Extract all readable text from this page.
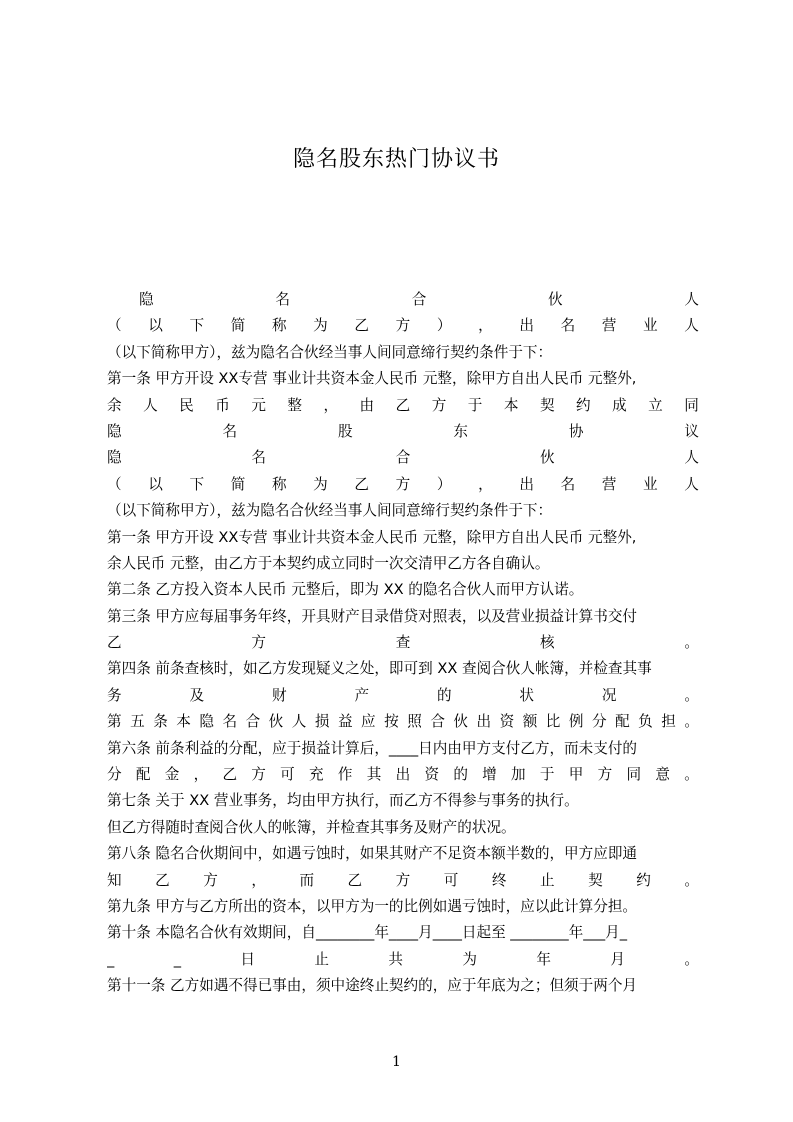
隐名股东热门协议书
隐	名	合	伙	人
（ 以 下 简 称 为 乙 方 ） ， 出 名 营 业 人
（以下简称甲方），兹为隐名合伙经当事人间同意缔行契约条件于下：
第一条 甲方开设 XX专营 事业计共资本金人民币 元整，除甲方自出人民币 元整外,
余 人 民 币 元 整 ， 由 乙 方 于 本 契 约 成 立 同
隐	名	股	东	协	议
隐	名	合	伙	人
（ 以 下 简 称 为 乙 方 ） ， 出 名 营 业 人
（以下简称甲方），兹为隐名合伙经当事人间同意缔行契约条件于下：
第一条 甲方开设 XX专营 事业计共资本金人民币 元整，除甲方自出人民币 元整外,
余人民币 元整，由乙方于本契约成立同时一次交清甲乙方各自确认。
第二条 乙方投入资本人民币 元整后，即为 XX 的隐名合伙人而甲方认诺。
第三条 甲方应每届事务年终，开具财产目录借贷对照表，以及营业损益计算书交付
乙	方	查	核	。
第四条 前条查核时，如乙方发现疑义之处，即可到 XX 查阅合伙人帐簿，并检查其事
务	及	财	产	的	状	况	。
第 五 条 本 隐 名 合 伙 人 损 益 应 按 照 合 伙 出 资 额 比 例 分 配 负 担 。
第六条 前条利益的分配，应于损益计算后，____日内由甲方支付乙方，而未支付的
分 配 金 ， 乙 方 可 充 作 其 出 资 的 增 加 于 甲 方 同 意 。
第七条 关于 XX 营业事务，均由甲方执行，而乙方不得参与事务的执行。
但乙方得随时查阅合伙人的帐簿，并检查其事务及财产的状况。
第八条 隐名合伙期间中，如遇亏蚀时，如果其财产不足资本额半数的，甲方应即通
知 乙 方 ， 而 乙 方 可 终 止 契 约 。
第九条 甲方与乙方所出的资本，以甲方为一的比例如遇亏蚀时，应以此计算分担。
第十条 本隐名合伙有效期间，自________年____月____日起至 ________年___月_
_	_	日	止	共	为	年	月	。
第十一条 乙方如遇不得已事由，须中途终止契约的，应于年底为之；但须于两个月
1
